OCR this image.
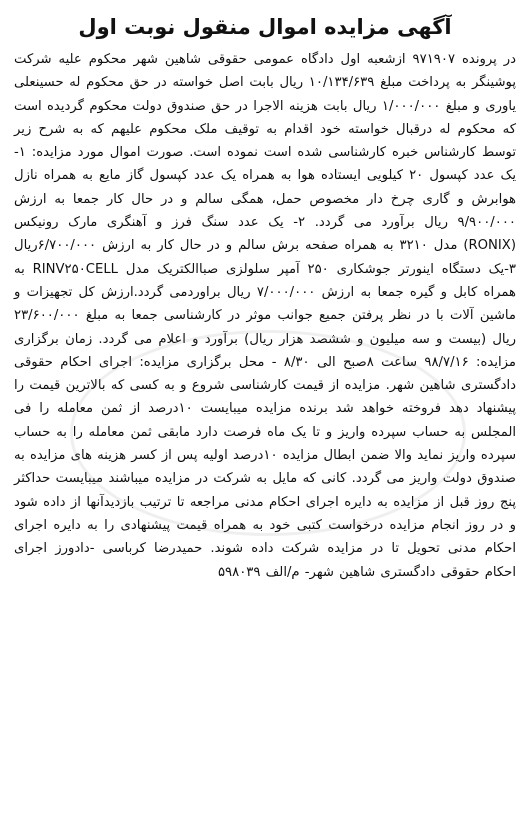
آگهی مزایده اموال منقول نوبت اول
در پرونده ۹۷۱۹۰۷ ازشعبه اول دادگاه عمومی حقوقی شاهین شهر محکوم علیه شرکت پوشینگر به پرداخت مبلغ ۱۰/۱۳۴/۶۳۹ ریال بابت اصل خواسته در حق محکوم له حسینعلی یاوری و مبلغ ۱/۰۰۰/۰۰۰ ریال بابت هزینه الاجرا در حق صندوق دولت محکوم گردیده است که محکوم له درقبال خواسته خود اقدام به توقیف ملک محکوم علیهم که به شرح زیر توسط کارشناس خبره کارشناسی شده است نموده است. صورت اموال مورد مزایده: ۱-یک عدد کپسول ۲۰ کیلویی ایستاده هوا به همراه یک عدد کپسول گاز مایع به همراه نازل هوابرش و گاری چرخ دار مخصوص حمل، همگی سالم و در حال کار جمعا به ارزش ۹/۹۰۰/۰۰۰ ریال برآورد می گردد. ۲- یک عدد سنگ فرز و آهنگری مارک رونیکس (RONIX) مدل ۳۲۱۰ به همراه صفحه برش سالم و در حال کار به ارزش ۶/۷۰۰/۰۰۰ریال ۳-یک دستگاه اینورتر جوشکاری ۲۵۰ آمپر سلولزی صباالکتریک مدل RINV۲۵۰CELL به همراه کابل و گیره جمعا به ارزش ۷/۰۰۰/۰۰۰ ریال براوردمی گردد.ارزش کل تجهیزات و ماشین آلات با در نظر پرفتن جمیع جوانب موثر در کارشناسی جمعا به مبلغ ۲۳/۶۰۰/۰۰۰ ریال (بیست و سه میلیون و ششصد هزار ریال) برآورد و اعلام می گردد. زمان برگزاری مزایده: ۹۸/۷/۱۶ ساعت ۸صبح الی ۸/۳۰ - محل برگزاری مزایده: اجرای احکام حقوقی دادگستری شاهین شهر. مزایده از قیمت کارشناسی شروع و به کسی که بالاترین قیمت را پیشنهاد دهد فروخته خواهد شد برنده مزایده میبایست ۱۰درصد از ثمن معامله را فی المجلس به حساب سپرده واریز و تا یک ماه فرصت دارد مابقی ثمن معامله را به حساب سپرده واریز نماید والا ضمن ابطال مزایده ۱۰درصد اولیه پس از کسر هزینه های مزایده به صندوق دولت واریز می گردد. کانی که مایل به شرکت در مزایده میباشند میبایست حداکثر پنج روز قبل از مزایده به دایره اجرای احکام مدنی مراجعه تا ترتیب بازدیدآنها از داده شود و در روز انجام مزایده درخواست کتبی خود به همراه قیمت پیشنهادی را به دایره اجرای احکام مدنی تحویل تا در مزایده شرکت داده شوند. حمیدرضا کرباسی -دادورز اجرای احکام حقوقی دادگستری شاهین شهر- م/الف ۵۹۸۰۳۹
